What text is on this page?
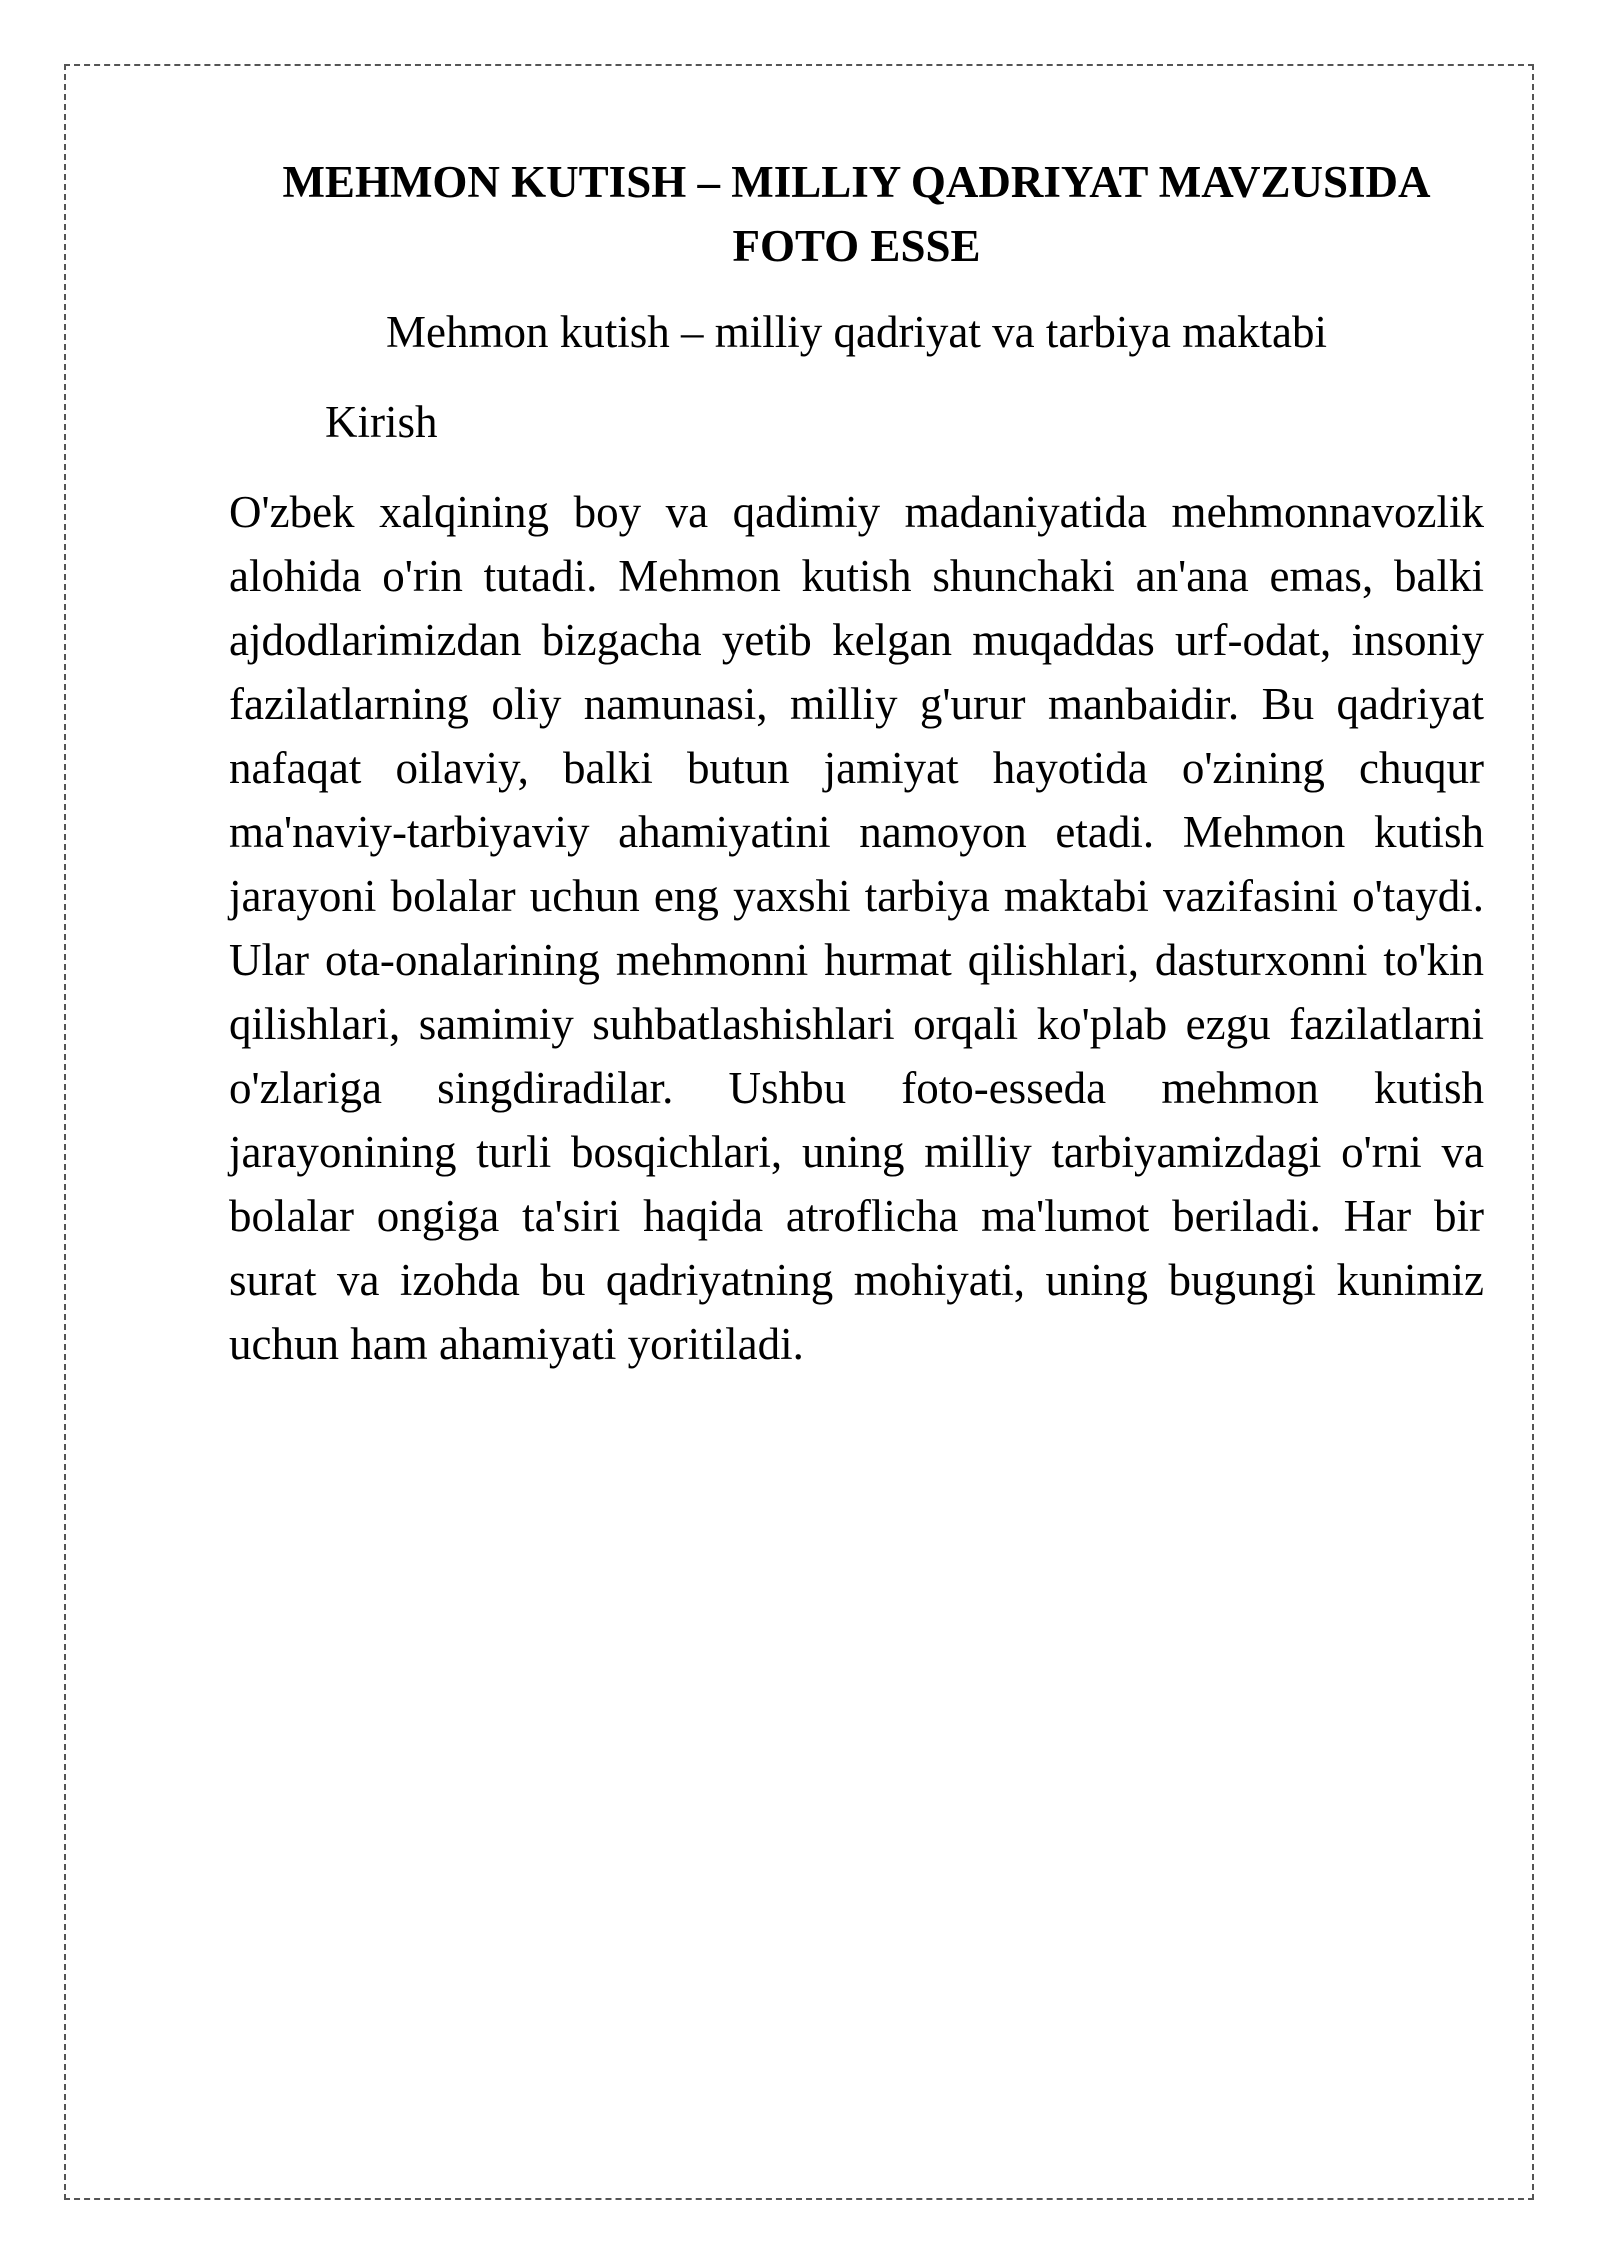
MEHMON KUTISH – MILLIY QADRIYAT MAVZUSIDA FOTO ESSE

Mehmon kutish – milliy qadriyat va tarbiya maktabi

Kirish

O'zbek xalqining boy va qadimiy madaniyatida mehmonnavozlik alohida o'rin tutadi. Mehmon kutish shunchaki an'ana emas, balki ajdodlarimizdan bizgacha yetib kelgan muqaddas urf-odat, insoniy fazilatlarning oliy namunasi, milliy g'urur manbaidir. Bu qadriyat nafaqat oilaviy, balki butun jamiyat hayotida o'zining chuqur ma'naviy-tarbiyaviy ahamiyatini namoyon etadi. Mehmon kutish jarayoni bolalar uchun eng yaxshi tarbiya maktabi vazifasini o'taydi. Ular ota-onalarining mehmonni hurmat qilishlari, dasturxonni to'kin qilishlari, samimiy suhbatlashishlari orqali ko'plab ezgu fazilatlarni o'zlariga singdiradilar. Ushbu foto-esseda mehmon kutish jarayonining turli bosqichlari, uning milliy tarbiyamizdagi o'rni va bolalar ongiga ta'siri haqida atroflicha ma'lumot beriladi. Har bir surat va izohda bu qadriyatning mohiyati, uning bugungi kunimiz uchun ham ahamiyati yoritiladi.
